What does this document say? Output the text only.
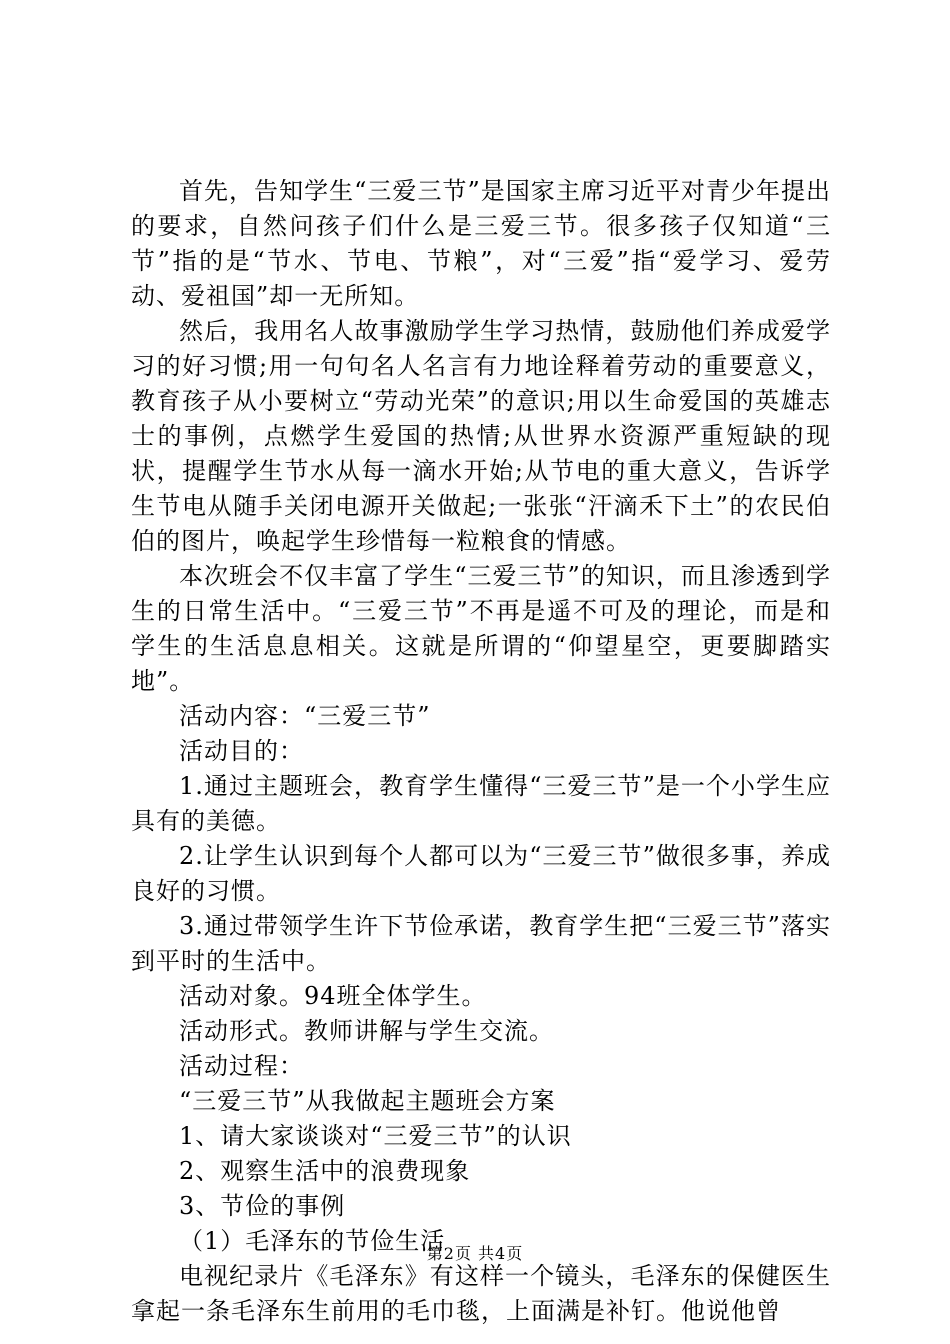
首先，告知学生“三爱三节”是国家主席习近平对青少年提出的要求，自然问孩子们什么是三爱三节。很多孩子仅知道“三节”指的是“节水、节电、节粮”，对“三爱”指“爱学习、爱劳动、爱祖国”却一无所知。

然后，我用名人故事激励学生学习热情，鼓励他们养成爱学习的好习惯;用一句句名人名言有力地诠释着劳动的重要意义，教育孩子从小要树立“劳动光荣”的意识;用以生命爱国的英雄志士的事例，点燃学生爱国的热情;从世界水资源严重短缺的现状，提醒学生节水从每一滴水开始;从节电的重大意义，告诉学生节电从随手关闭电源开关做起;一张张“汗滴禾下土”的农民伯伯的图片，唤起学生珍惜每一粒粮食的情感。

本次班会不仅丰富了学生“三爱三节”的知识，而且渗透到学生的日常生活中。“三爱三节”不再是遥不可及的理论，而是和学生的生活息息相关。这就是所谓的“仰望星空，更要脚踏实地”。

活动内容：“三爱三节”

活动目的：

1.通过主题班会，教育学生懂得“三爱三节”是一个小学生应具有的美德。

2.让学生认识到每个人都可以为“三爱三节”做很多事，养成良好的习惯。

3.通过带领学生许下节俭承诺，教育学生把“三爱三节”落实到平时的生活中。

活动对象。94班全体学生。

活动形式。教师讲解与学生交流。

活动过程：

“三爱三节”从我做起主题班会方案

1、请大家谈谈对“三爱三节”的认识

2、观察生活中的浪费现象

3、节俭的事例

（1）毛泽东的节俭生活

电视纪录片《毛泽东》有这样一个镜头，毛泽东的保健医生拿起一条毛泽东生前用的毛巾毯，上面满是补钉。他说他曾

第2页 共4页
